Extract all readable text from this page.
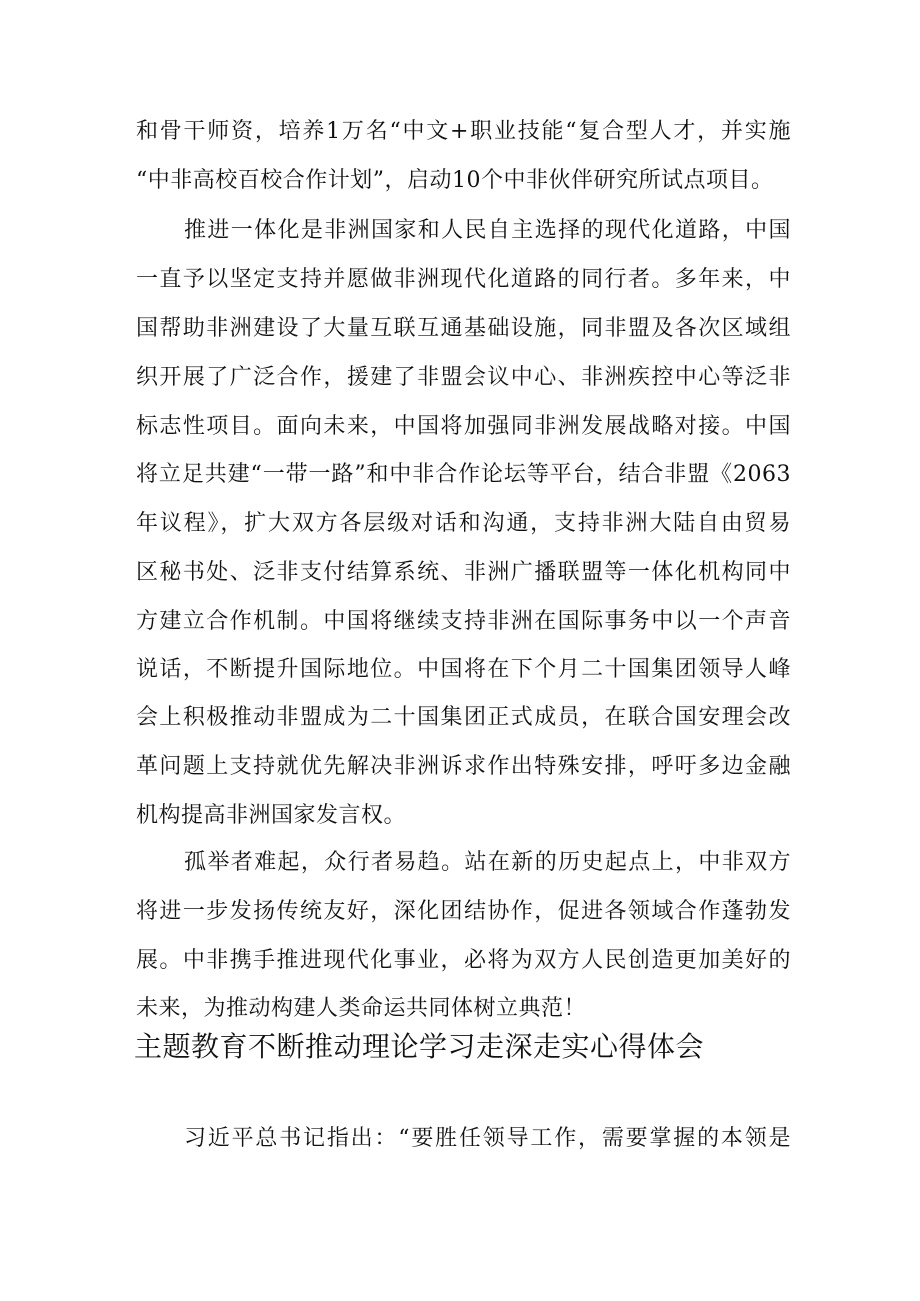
和骨干师资，培养1万名“中文+职业技能“复合型人才，并实施
“中非高校百校合作计划”，启动10个中非伙伴研究所试点项目。
推进一体化是非洲国家和人民自主选择的现代化道路，中国
一直予以坚定支持并愿做非洲现代化道路的同行者。多年来，中
国帮助非洲建设了大量互联互通基础设施，同非盟及各次区域组
织开展了广泛合作，援建了非盟会议中心、非洲疾控中心等泛非
标志性项目。面向未来，中国将加强同非洲发展战略对接。中国
将立足共建“一带一路”和中非合作论坛等平台，结合非盟《2063
年议程》，扩大双方各层级对话和沟通，支持非洲大陆自由贸易
区秘书处、泛非支付结算系统、非洲广播联盟等一体化机构同中
方建立合作机制。中国将继续支持非洲在国际事务中以一个声音
说话，不断提升国际地位。中国将在下个月二十国集团领导人峰
会上积极推动非盟成为二十国集团正式成员，在联合国安理会改
革问题上支持就优先解决非洲诉求作出特殊安排，呼吁多边金融
机构提高非洲国家发言权。
孤举者难起，众行者易趋。站在新的历史起点上，中非双方
将进一步发扬传统友好，深化团结协作，促进各领域合作蓬勃发
展。中非携手推进现代化事业，必将为双方人民创造更加美好的
未来，为推动构建人类命运共同体树立典范！
主题教育不断推动理论学习走深走实心得体会
习近平总书记指出：“要胜任领导工作，需要掌握的本领是
